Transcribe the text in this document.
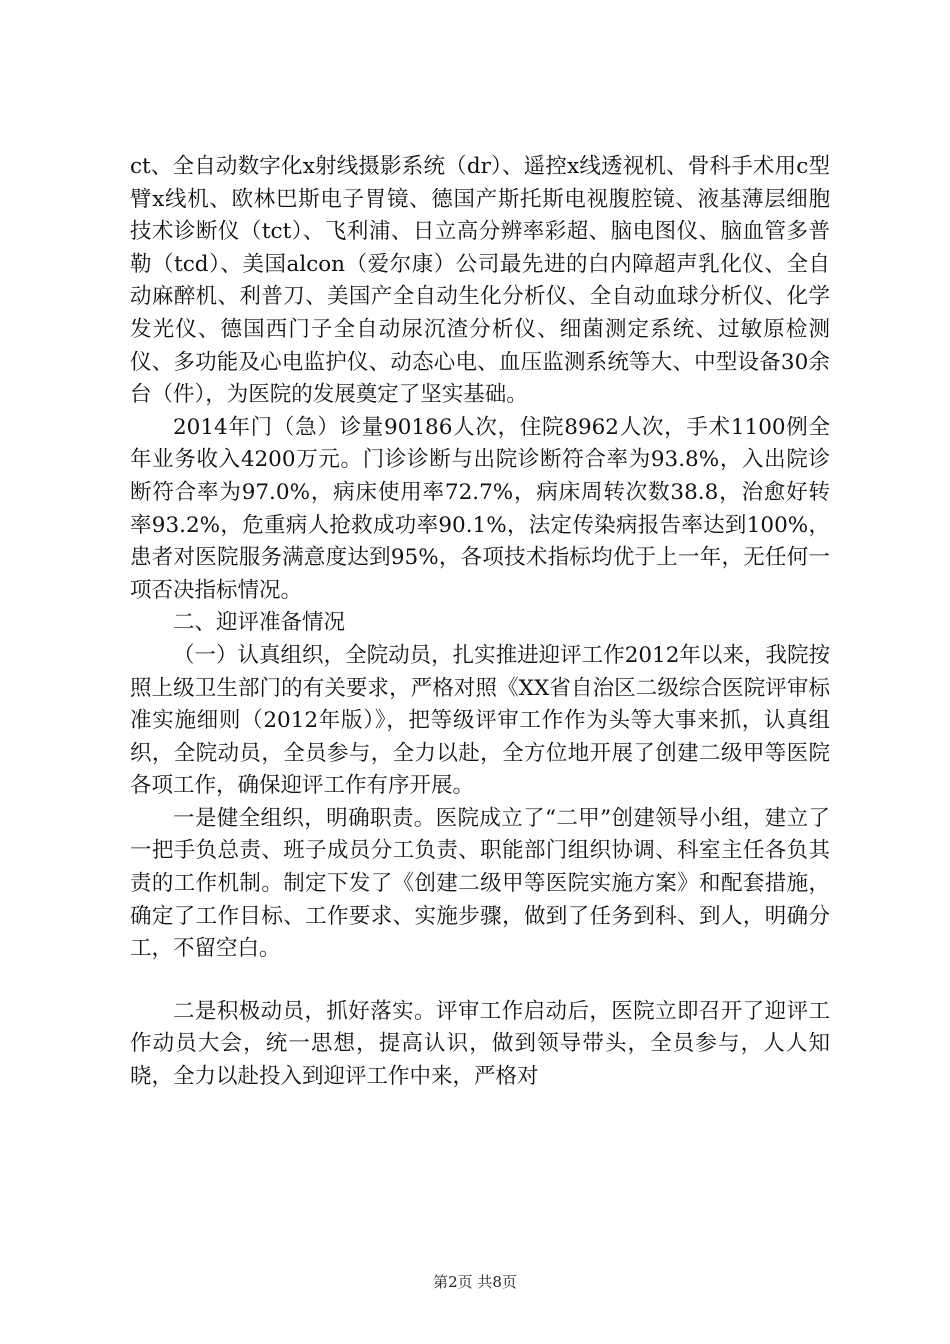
ct、全自动数字化x射线摄影系统（dr）、遥控x线透视机、骨科手术用c型臂x线机、欧林巴斯电子胃镜、德国产斯托斯电视腹腔镜、液基薄层细胞技术诊断仪（tct）、飞利浦、日立高分辨率彩超、脑电图仪、脑血管多普勒（tcd）、美国alcon（爱尔康）公司最先进的白内障超声乳化仪、全自动麻醉机、利普刀、美国产全自动生化分析仪、全自动血球分析仪、化学发光仪、德国西门子全自动尿沉渣分析仪、细菌测定系统、过敏原检测仪、多功能及心电监护仪、动态心电、血压监测系统等大、中型设备30余台（件），为医院的发展奠定了坚实基础。

2014年门（急）诊量90186人次，住院8962人次，手术1100例全年业务收入4200万元。门诊诊断与出院诊断符合率为93.8%，入出院诊断符合率为97.0%，病床使用率72.7%，病床周转次数38.8，治愈好转率93.2%，危重病人抢救成功率90.1%，法定传染病报告率达到100%，患者对医院服务满意度达到95%，各项技术指标均优于上一年，无任何一项否决指标情况。

二、迎评准备情况

（一）认真组织，全院动员，扎实推进迎评工作2012年以来，我院按照上级卫生部门的有关要求，严格对照《XX省自治区二级综合医院评审标准实施细则（2012年版）》，把等级评审工作作为头等大事来抓，认真组织，全院动员，全员参与，全力以赴，全方位地开展了创建二级甲等医院各项工作，确保迎评工作有序开展。

一是健全组织，明确职责。医院成立了“二甲”创建领导小组，建立了一把手负总责、班子成员分工负责、职能部门组织协调、科室主任各负其责的工作机制。制定下发了《创建二级甲等医院实施方案》和配套措施，确定了工作目标、工作要求、实施步骤，做到了任务到科、到人，明确分工，不留空白。

二是积极动员，抓好落实。评审工作启动后，医院立即召开了迎评工作动员大会，统一思想，提高认识，做到领导带头，全员参与，人人知晓，全力以赴投入到迎评工作中来，严格对

第2页 共8页
